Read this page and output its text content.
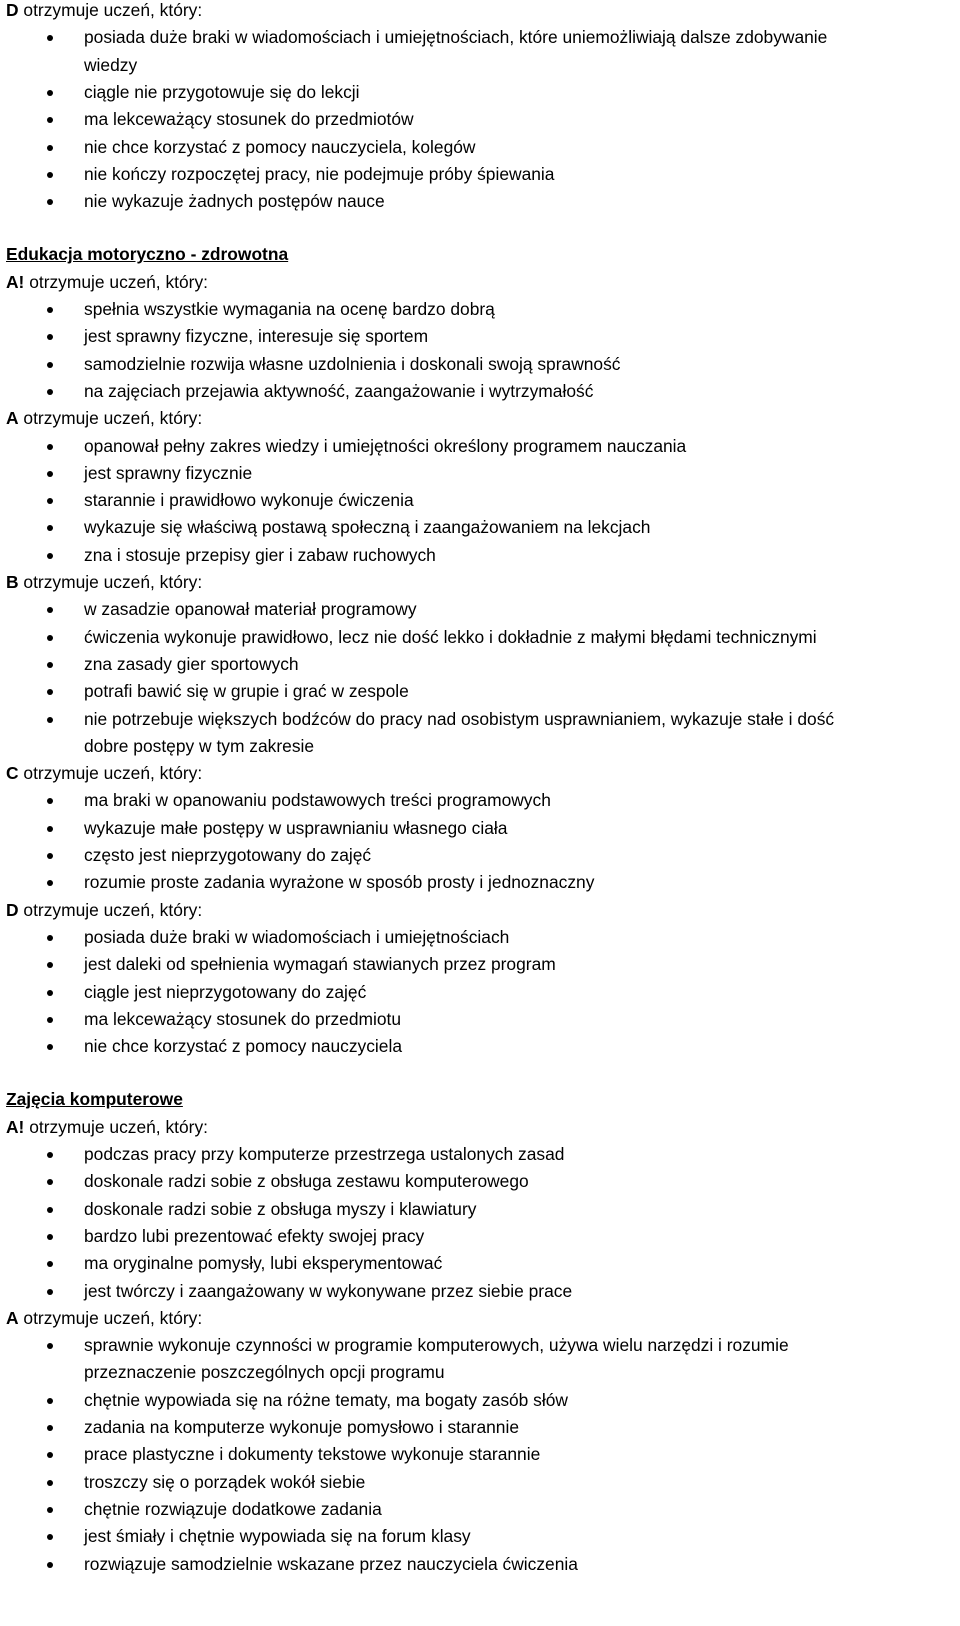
D otrzymuje uczeń, który:

posiada duże braki w wiadomościach i umiejętnościach, które uniemożliwiają dalsze zdobywanie

wiedzy

ciągle nie przygotowuje się do lekcji

ma lekceważący stosunek do przedmiotów

nie chce korzystać z pomocy nauczyciela, kolegów

nie kończy rozpoczętej pracy, nie podejmuje próby śpiewania

nie wykazuje żadnych postępów nauce

Edukacja motoryczno - zdrowotna

A! otrzymuje uczeń, który:

spełnia wszystkie wymagania na ocenę bardzo dobrą

jest sprawny fizyczne, interesuje się sportem

samodzielnie rozwija własne uzdolnienia i doskonali swoją sprawność

na zajęciach przejawia aktywność, zaangażowanie i wytrzymałość

A otrzymuje uczeń, który:

opanował pełny zakres wiedzy i umiejętności określony programem nauczania

jest sprawny fizycznie

starannie i prawidłowo wykonuje ćwiczenia

wykazuje się właściwą postawą społeczną i zaangażowaniem na lekcjach

zna i stosuje przepisy gier i zabaw ruchowych

B otrzymuje uczeń, który:

w zasadzie opanował materiał programowy

ćwiczenia wykonuje prawidłowo, lecz nie dość lekko i dokładnie z małymi błędami technicznymi

zna zasady gier sportowych

potrafi bawić się w grupie i grać w zespole

nie potrzebuje większych bodźców do pracy nad osobistym usprawnianiem, wykazuje stałe i dość

dobre postępy w tym zakresie

C otrzymuje uczeń, który:

ma braki w opanowaniu podstawowych treści programowych

wykazuje małe postępy w usprawnianiu własnego ciała

często jest nieprzygotowany do zajęć

rozumie proste zadania wyrażone w sposób prosty i jednoznaczny

D otrzymuje uczeń, który:

posiada duże braki w wiadomościach i umiejętnościach

jest daleki od spełnienia wymagań stawianych przez program

ciągle jest nieprzygotowany do zajęć

ma lekceważący stosunek do przedmiotu

nie chce korzystać z pomocy nauczyciela

Zajęcia komputerowe

A! otrzymuje uczeń, który:

podczas pracy przy komputerze przestrzega ustalonych zasad

doskonale radzi sobie z obsługa zestawu komputerowego

doskonale radzi sobie z obsługa myszy i klawiatury

bardzo lubi prezentować efekty swojej pracy

ma oryginalne pomysły, lubi eksperymentować

jest twórczy i zaangażowany w wykonywane przez siebie prace

A otrzymuje uczeń, który:

sprawnie wykonuje czynności w programie komputerowych, używa wielu narzędzi i rozumie

przeznaczenie poszczególnych opcji programu

chętnie wypowiada się na różne tematy, ma bogaty zasób słów

zadania na komputerze wykonuje pomysłowo i starannie

prace plastyczne i dokumenty tekstowe wykonuje starannie

troszczy się o porządek wokół siebie

chętnie rozwiązuje dodatkowe zadania

jest śmiały i chętnie wypowiada się na forum klasy

rozwiązuje samodzielnie wskazane przez nauczyciela ćwiczenia
